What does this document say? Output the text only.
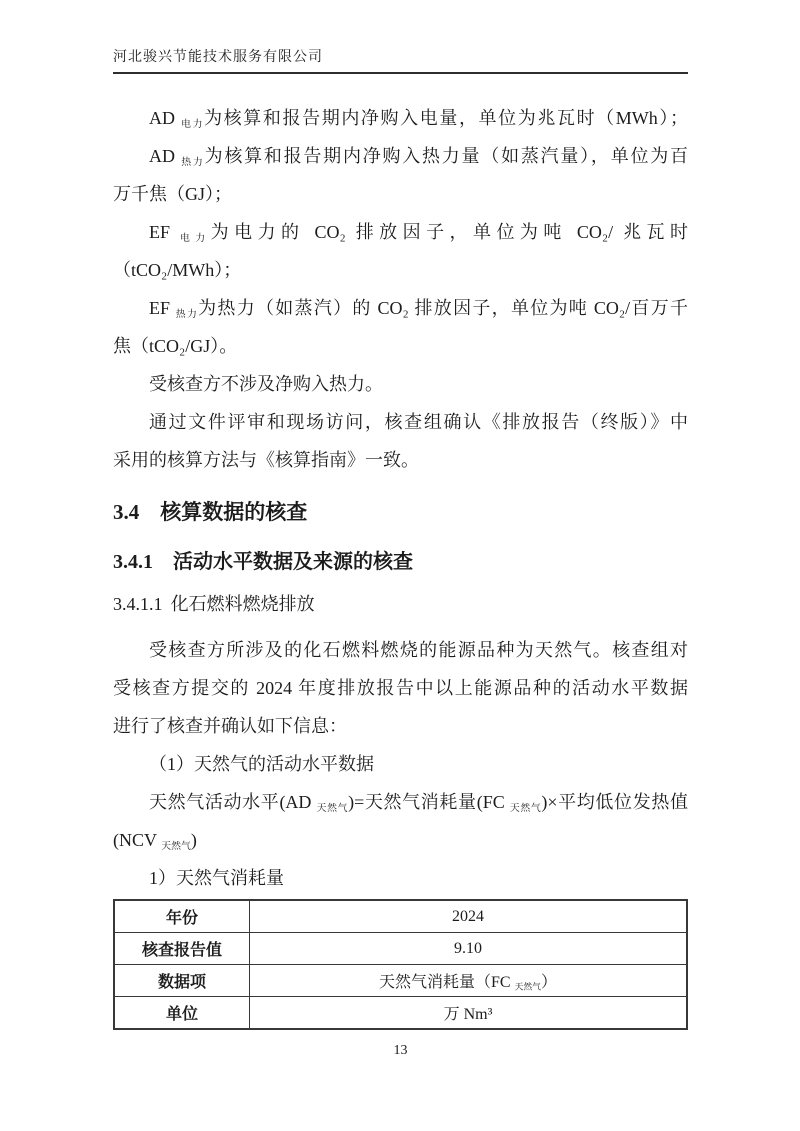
河北骏兴节能技术服务有限公司
AD $_{电力}$为核算和报告期内净购入电量，单位为兆瓦时（MWh）；
AD $_{热力}$为核算和报告期内净购入热力量（如蒸汽量），单位为百
万千焦（GJ）；
EF $_{电力}$为电力的 CO₂ 排放因子，单位为吨 CO₂/ 兆瓦时
（tCO₂/MWh）；
EF $_{热力}$为热力（如蒸汽）的 CO₂ 排放因子，单位为吨 CO₂/百万千
焦（tCO₂/GJ）。
受核查方不涉及净购入热力。
通过文件评审和现场访问，核查组确认《排放报告（终版）》中
采用的核算方法与《核算指南》一致。
3.4 核算数据的核查
3.4.1 活动水平数据及来源的核查
3.4.1.1 化石燃料燃烧排放
受核查方所涉及的化石燃料燃烧的能源品种为天然气。核查组对
受核查方提交的 2024 年度排放报告中以上能源品种的活动水平数据
进行了核查并确认如下信息：
（1）天然气的活动水平数据
天然气活动水平(AD $_{天然气}$)=天然气消耗量(FC $_{天然气}$)×平均低位发热值
(NCV $_{天然气}$)
1）天然气消耗量
年份	2024
核查报告值	9.10
数据项	天然气消耗量（FC $_{天然气}$）
单位	万 Nm³
13
